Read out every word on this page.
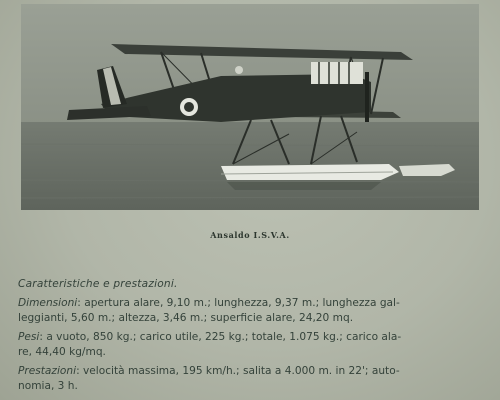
Ansaldo I.S.V.A.
Caratteristiche e prestazioni.
Dimensioni: apertura alare, 9,10 m.; lunghezza, 9,37 m.; lunghezza gal-
leggianti, 5,60 m.; altezza, 3,46 m.; superficie alare, 24,20 mq.
Pesi: a vuoto, 850 kg.; carico utile, 225 kg.; totale, 1.075 kg.; carico ala-
re, 44,40 kg/mq.
Prestazioni: velocità massima, 195 km/h.; salita a 4.000 m. in 22'; auto-
nomia, 3 h.
